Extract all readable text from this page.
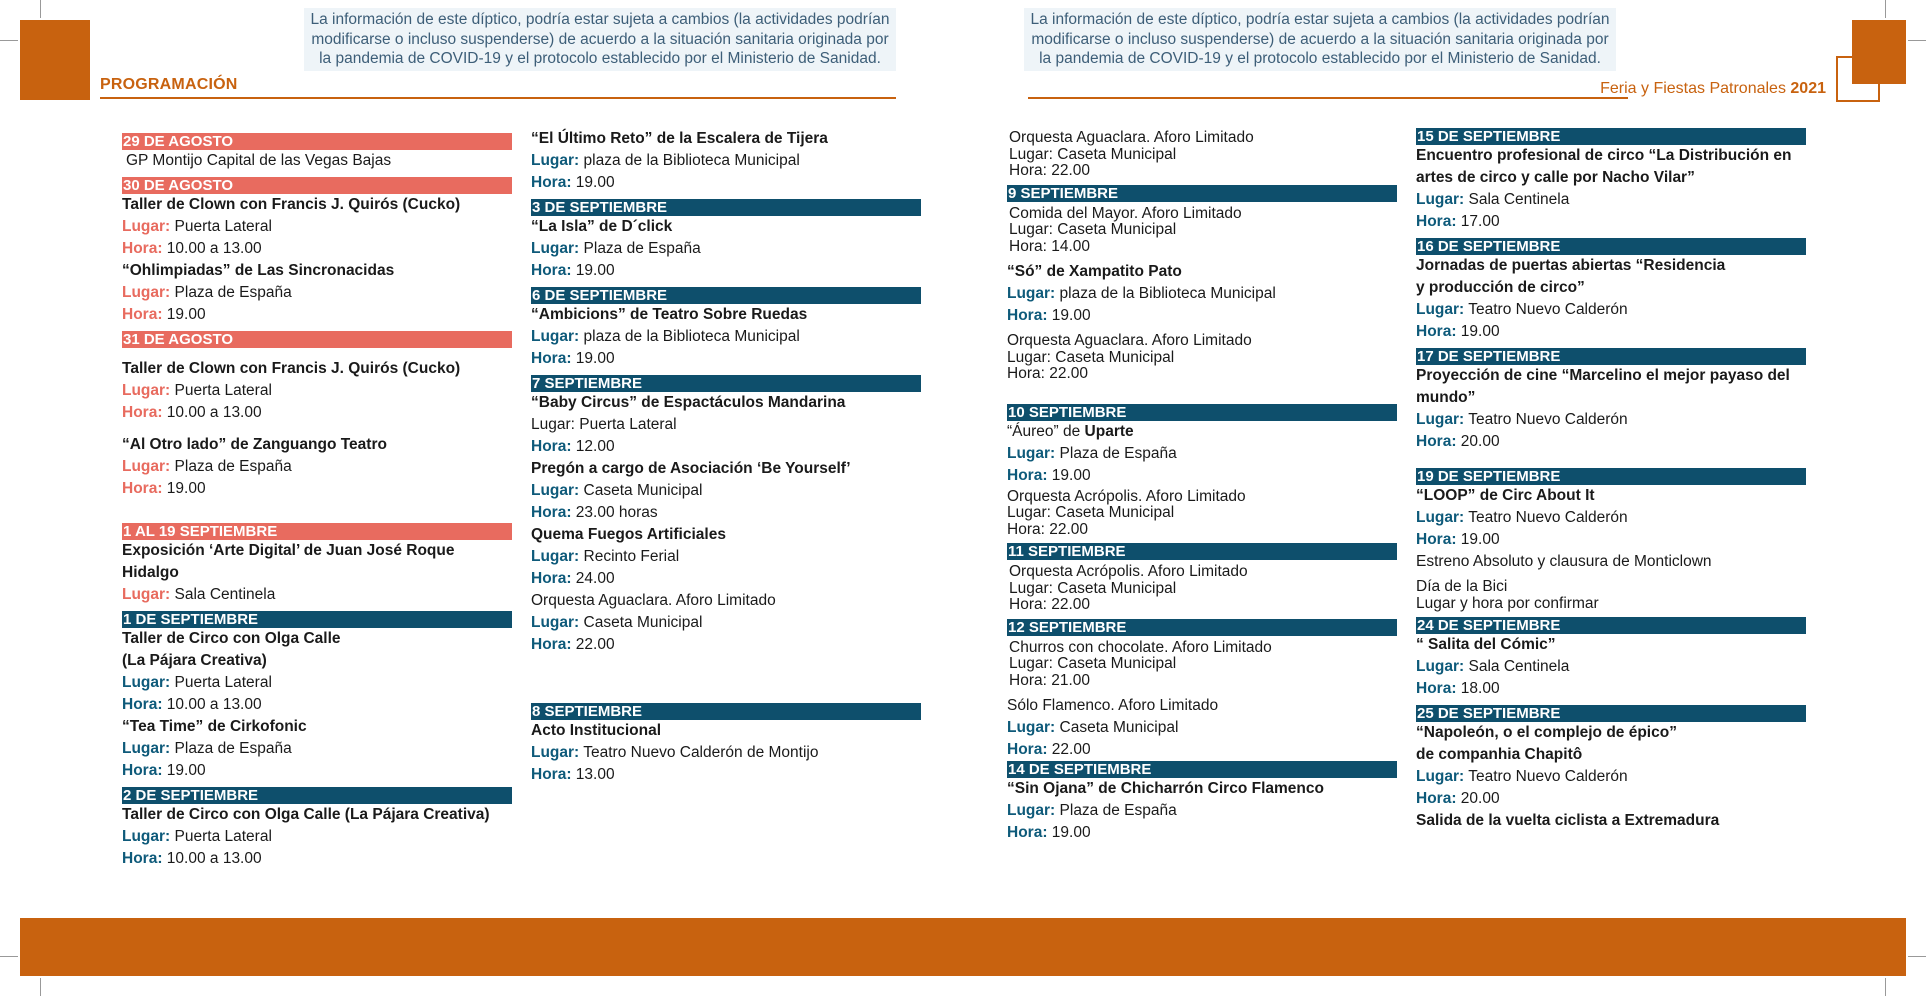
La información de este díptico, podría estar sujeta a cambios (la actividades podrían modificarse o incluso suspenderse) de acuerdo a la situación sanitaria originada por la pandemia de COVID-19 y el protocolo establecido por el Ministerio de Sanidad.
La información de este díptico, podría estar sujeta a cambios (la actividades podrían modificarse o incluso suspenderse) de acuerdo a la situación sanitaria originada por la pandemia de COVID-19 y el protocolo establecido por el Ministerio de Sanidad.
PROGRAMACIÓN	Feria y Fiestas Patronales 2021
29 DE AGOSTO
GP Montijo Capital de las Vegas Bajas
30 DE AGOSTO
Taller de Clown con Francis J. Quirós (Cucko)
Lugar: Puerta Lateral
Hora: 10.00 a 13.00
“Ohlimpiadas” de Las Sincronacidas
Lugar: Plaza de España
Hora: 19.00
31 DE AGOSTO
Taller de Clown con Francis J. Quirós (Cucko)
Lugar: Puerta Lateral
Hora: 10.00 a 13.00
“Al Otro lado” de Zanguango Teatro
Lugar: Plaza de España
Hora: 19.00
1 AL 19 SEPTIEMBRE
Exposición ‘Arte Digital’ de Juan José Roque
Hidalgo
Lugar: Sala Centinela
1 DE SEPTIEMBRE
Taller de Circo con Olga Calle
(La Pájara Creativa)
Lugar: Puerta Lateral
Hora: 10.00 a 13.00
“Tea Time” de Cirkofonic
Lugar: Plaza de España
Hora: 19.00
2 DE SEPTIEMBRE
Taller de Circo con Olga Calle (La Pájara Creativa)
Lugar: Puerta Lateral
Hora: 10.00 a 13.00
“El Último Reto” de la Escalera de Tijera
Lugar: plaza de la Biblioteca Municipal
Hora: 19.00
3 DE SEPTIEMBRE
“La Isla” de D´click
Lugar: Plaza de España
Hora: 19.00
6 DE SEPTIEMBRE
“Ambicions” de Teatro Sobre Ruedas
Lugar: plaza de la Biblioteca Municipal
Hora: 19.00
7 SEPTIEMBRE
“Baby Circus” de Espactáculos Mandarina
Lugar: Puerta Lateral
Hora: 12.00
Pregón a cargo de Asociación ‘Be Yourself’
Lugar: Caseta Municipal
Hora: 23.00 horas
Quema Fuegos Artificiales
Lugar: Recinto Ferial
Hora: 24.00
Orquesta Aguaclara. Aforo Limitado
Lugar: Caseta Municipal
Hora: 22.00
8 SEPTIEMBRE
Acto Institucional
Lugar: Teatro Nuevo Calderón de Montijo
Hora: 13.00
Orquesta Aguaclara. Aforo Limitado
Lugar: Caseta Municipal
Hora: 22.00
9 SEPTIEMBRE
Comida del Mayor. Aforo Limitado
Lugar: Caseta Municipal
Hora: 14.00
“Só” de Xampatito Pato
Lugar: plaza de la Biblioteca Municipal
Hora: 19.00
Orquesta Aguaclara. Aforo Limitado
Lugar: Caseta Municipal
Hora: 22.00
10 SEPTIEMBRE
“Áureo” de Uparte
Lugar: Plaza de España
Hora: 19.00
Orquesta Acrópolis. Aforo Limitado
Lugar: Caseta Municipal
Hora: 22.00
11 SEPTIEMBRE
Orquesta Acrópolis. Aforo Limitado
Lugar: Caseta Municipal
Hora: 22.00
12 SEPTIEMBRE
Churros con chocolate. Aforo Limitado
Lugar: Caseta Municipal
Hora: 21.00
Sólo Flamenco. Aforo Limitado
Lugar: Caseta Municipal
Hora: 22.00
14 DE SEPTIEMBRE
“Sin Ojana” de Chicharrón Circo Flamenco
Lugar: Plaza de España
Hora: 19.00
15 DE SEPTIEMBRE
Encuentro profesional de circo “La Distribución en
artes de circo y calle por Nacho Vilar”
Lugar: Sala Centinela
Hora: 17.00
16 DE SEPTIEMBRE
Jornadas de puertas abiertas “Residencia
y producción de circo”
Lugar: Teatro Nuevo Calderón
Hora: 19.00
17 DE SEPTIEMBRE
Proyección de cine “Marcelino el mejor payaso del
mundo”
Lugar: Teatro Nuevo Calderón
Hora: 20.00
19 DE SEPTIEMBRE
“LOOP” de Circ About It
Lugar: Teatro Nuevo Calderón
Hora: 19.00
Estreno Absoluto y clausura de Monticlown
Día de la Bici
Lugar y hora por confirmar
24 DE SEPTIEMBRE
“ Salita del Cómic”
Lugar: Sala Centinela
Hora: 18.00
25 DE SEPTIEMBRE
“Napoleón, o el complejo de épico”
de companhia Chapitô
Lugar: Teatro Nuevo Calderón
Hora: 20.00
Salida de la vuelta ciclista a Extremadura
